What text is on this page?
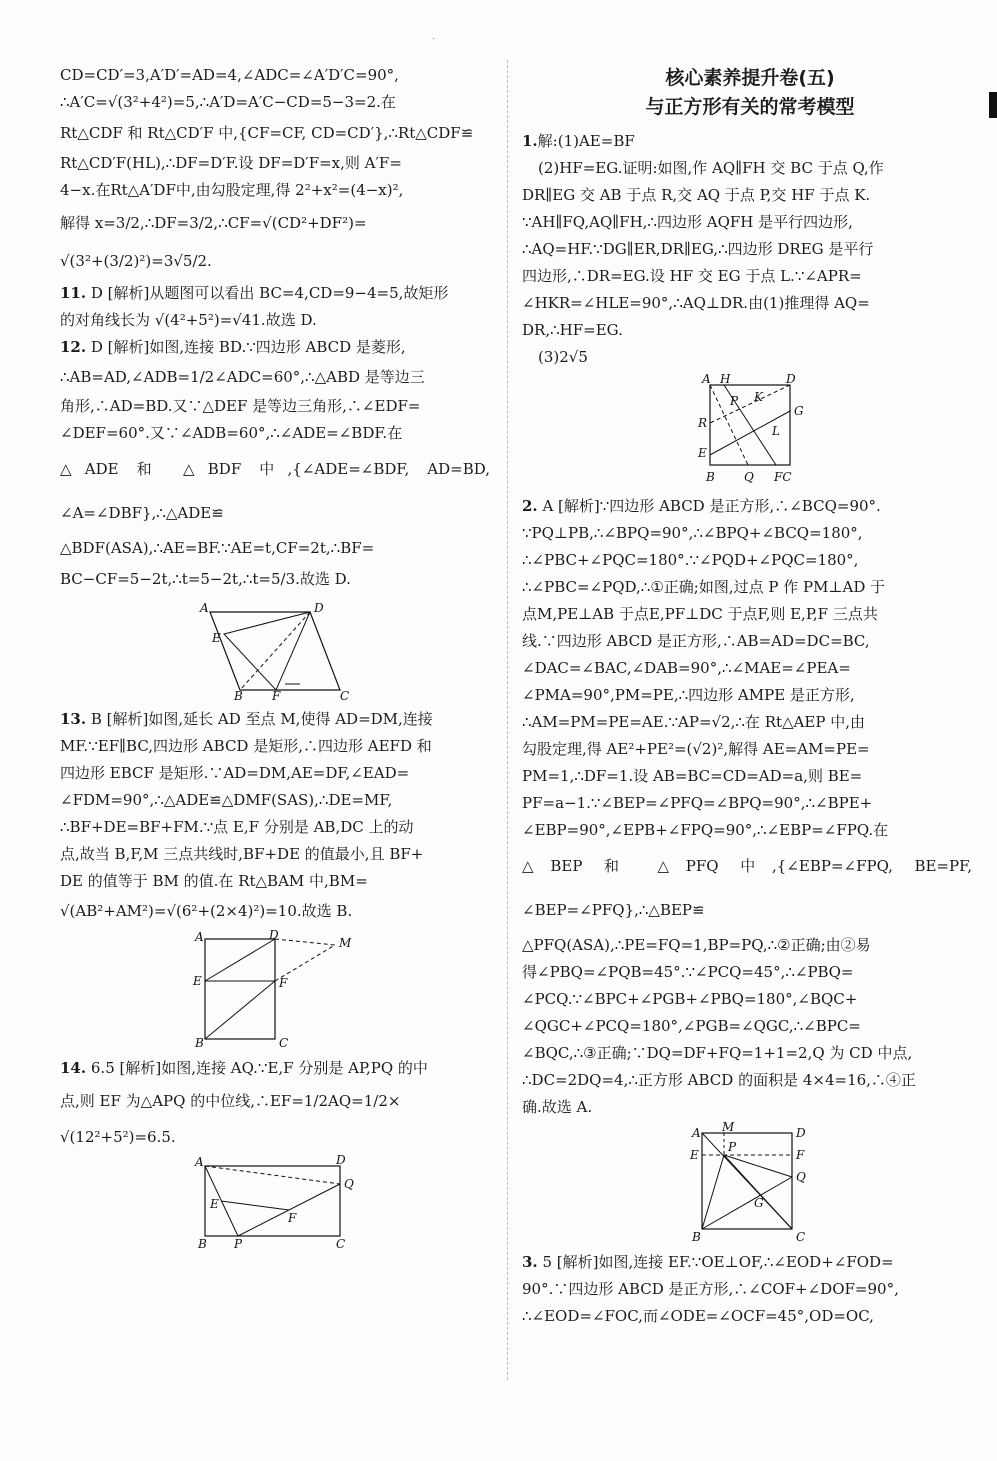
·

CD=CD′=3,A′D′=AD=4,∠ADC=∠A′D′C=90°,

∴A′C=√(3²+4²)=5,∴A′D=A′C−CD=5−3=2.在

Rt△CDF 和 Rt△CD′F 中,{CF=CF, CD=CD′},∴Rt△CDF≌

Rt△CD′F(HL),∴DF=D′F.设 DF=D′F=x,则 A′F=

4−x.在Rt△A′DF中,由勾股定理,得 2²+x²=(4−x)²,

解得 x=3/2,∴DF=3/2,∴CF=√(CD²+DF²)=

√(3²+(3/2)²)=3√5/2.

11. D [解析]从题图可以看出 BC=4,CD=9−4=5,故矩形

的对角线长为 √(4²+5²)=√41.故选 D.

12. D [解析]如图,连接 BD.∵四边形 ABCD 是菱形,

∴AB=AD,∠ADB=1/2∠ADC=60°,∴△ABD 是等边三

角形,∴AD=BD.又∵△DEF 是等边三角形,∴∠EDF=

∠DEF=60°.又∵∠ADB=60°,∴∠ADE=∠BDF.在

△ADE 和 △BDF 中,{∠ADE=∠BDF, AD=BD, ∠A=∠DBF},∴△ADE≌

△BDF(ASA),∴AE=BF.∵AE=t,CF=2t,∴BF=

BC−CF=5−2t,∴t=5−2t,∴t=5/3.故选 D.

A	D
E
B F	C

13. B [解析]如图,延长 AD 至点 M,使得 AD=DM,连接

MF.∵EF∥BC,四边形 ABCD 是矩形,∴四边形 AEFD 和

四边形 EBCF 是矩形.∵AD=DM,AE=DF,∠EAD=

∠FDM=90°,∴△ADE≌△DMF(SAS),∴DE=MF,

∴BF+DE=BF+FM.∵点 E,F 分别是 AB,DC 上的动

点,故当 B,F,M 三点共线时,BF+DE 的值最小,且 BF+

DE 的值等于 BM 的值.在 Rt△BAM 中,BM=

√(AB²+AM²)=√(6²+(2×4)²)=10.故选 B.

A	D
M
E	F
B	C

14. 6.5 [解析]如图,连接 AQ.∵E,F 分别是 AP,PQ 的中

点,则 EF 为△APQ 的中位线,∴EF=1/2AQ=1/2×

√(12²+5²)=6.5.

A	D
Q
E
F
B P	C
核心素养提升卷(五)
与正方形有关的常考模型

1.解:(1)AE=BF

(2)HF=EG.证明:如图,作 AQ∥FH 交 BC 于点 Q,作

DR∥EG 交 AB 于点 R,交 AQ 于点 P,交 HF 于点 K.

∵AH∥FQ,AQ∥FH,∴四边形 AQFH 是平行四边形,

∴AQ=HF.∵DG∥ER,DR∥EG,∴四边形 DREG 是平行

四边形,∴DR=EG.设 HF 交 EG 于点 L.∵∠APR=

∠HKR=∠HLE=90°,∴AQ⊥DR.由(1)推理得 AQ=

DR,∴HF=EG.

(3)2√5

A H	D
P K
G
R
L
E
B Q FC

2. A [解析]∵四边形 ABCD 是正方形,∴∠BCQ=90°.

∵PQ⊥PB,∴∠BPQ=90°,∴∠BPQ+∠BCQ=180°,

∴∠PBC+∠PQC=180°.∵∠PQD+∠PQC=180°,

∴∠PBC=∠PQD,∴①正确;如图,过点 P 作 PM⊥AD 于

点M,PE⊥AB 于点E,PF⊥DC 于点F,则 E,P,F 三点共

线.∵四边形 ABCD 是正方形,∴AB=AD=DC=BC,

∠DAC=∠BAC,∠DAB=90°,∴∠MAE=∠PEA=

∠PMA=90°,PM=PE,∴四边形 AMPE 是正方形,

∴AM=PM=PE=AE.∵AP=√2,∴在 Rt△AEP 中,由

勾股定理,得 AE²+PE²=(√2)²,解得 AE=AM=PE=

PM=1,∴DF=1.设 AB=BC=CD=AD=a,则 BE=

PF=a−1.∵∠BEP=∠PFQ=∠BPQ=90°,∴∠BPE+

∠EBP=90°,∠EPB+∠FPQ=90°,∴∠EBP=∠FPQ.在

△BEP 和 △PFQ 中,{∠EBP=∠FPQ, BE=PF, ∠BEP=∠PFQ},∴△BEP≌

△PFQ(ASA),∴PE=FQ=1,BP=PQ,∴②正确;由②易

得∠PBQ=∠PQB=45°.∵∠PCQ=45°,∴∠PBQ=

∠PCQ.∵∠BPC+∠PGB+∠PBQ=180°,∠BQC+

∠QGC+∠PCQ=180°,∠PGB=∠QGC,∴∠BPC=

∠BQC,∴③正确;∵DQ=DF+FQ=1+1=2,Q 为 CD 中点,

∴DC=2DQ=4,∴正方形 ABCD 的面积是 4×4=16,∴④正

确.故选 A.

A M	D
P
E	F
Q
G
B	C

3. 5 [解析]如图,连接 EF.∵OE⊥OF,∴∠EOD+∠FOD=

90°.∵四边形 ABCD 是正方形,∴∠COF+∠DOF=90°,

∴∠EOD=∠FOC,而∠ODE=∠OCF=45°,OD=OC,
